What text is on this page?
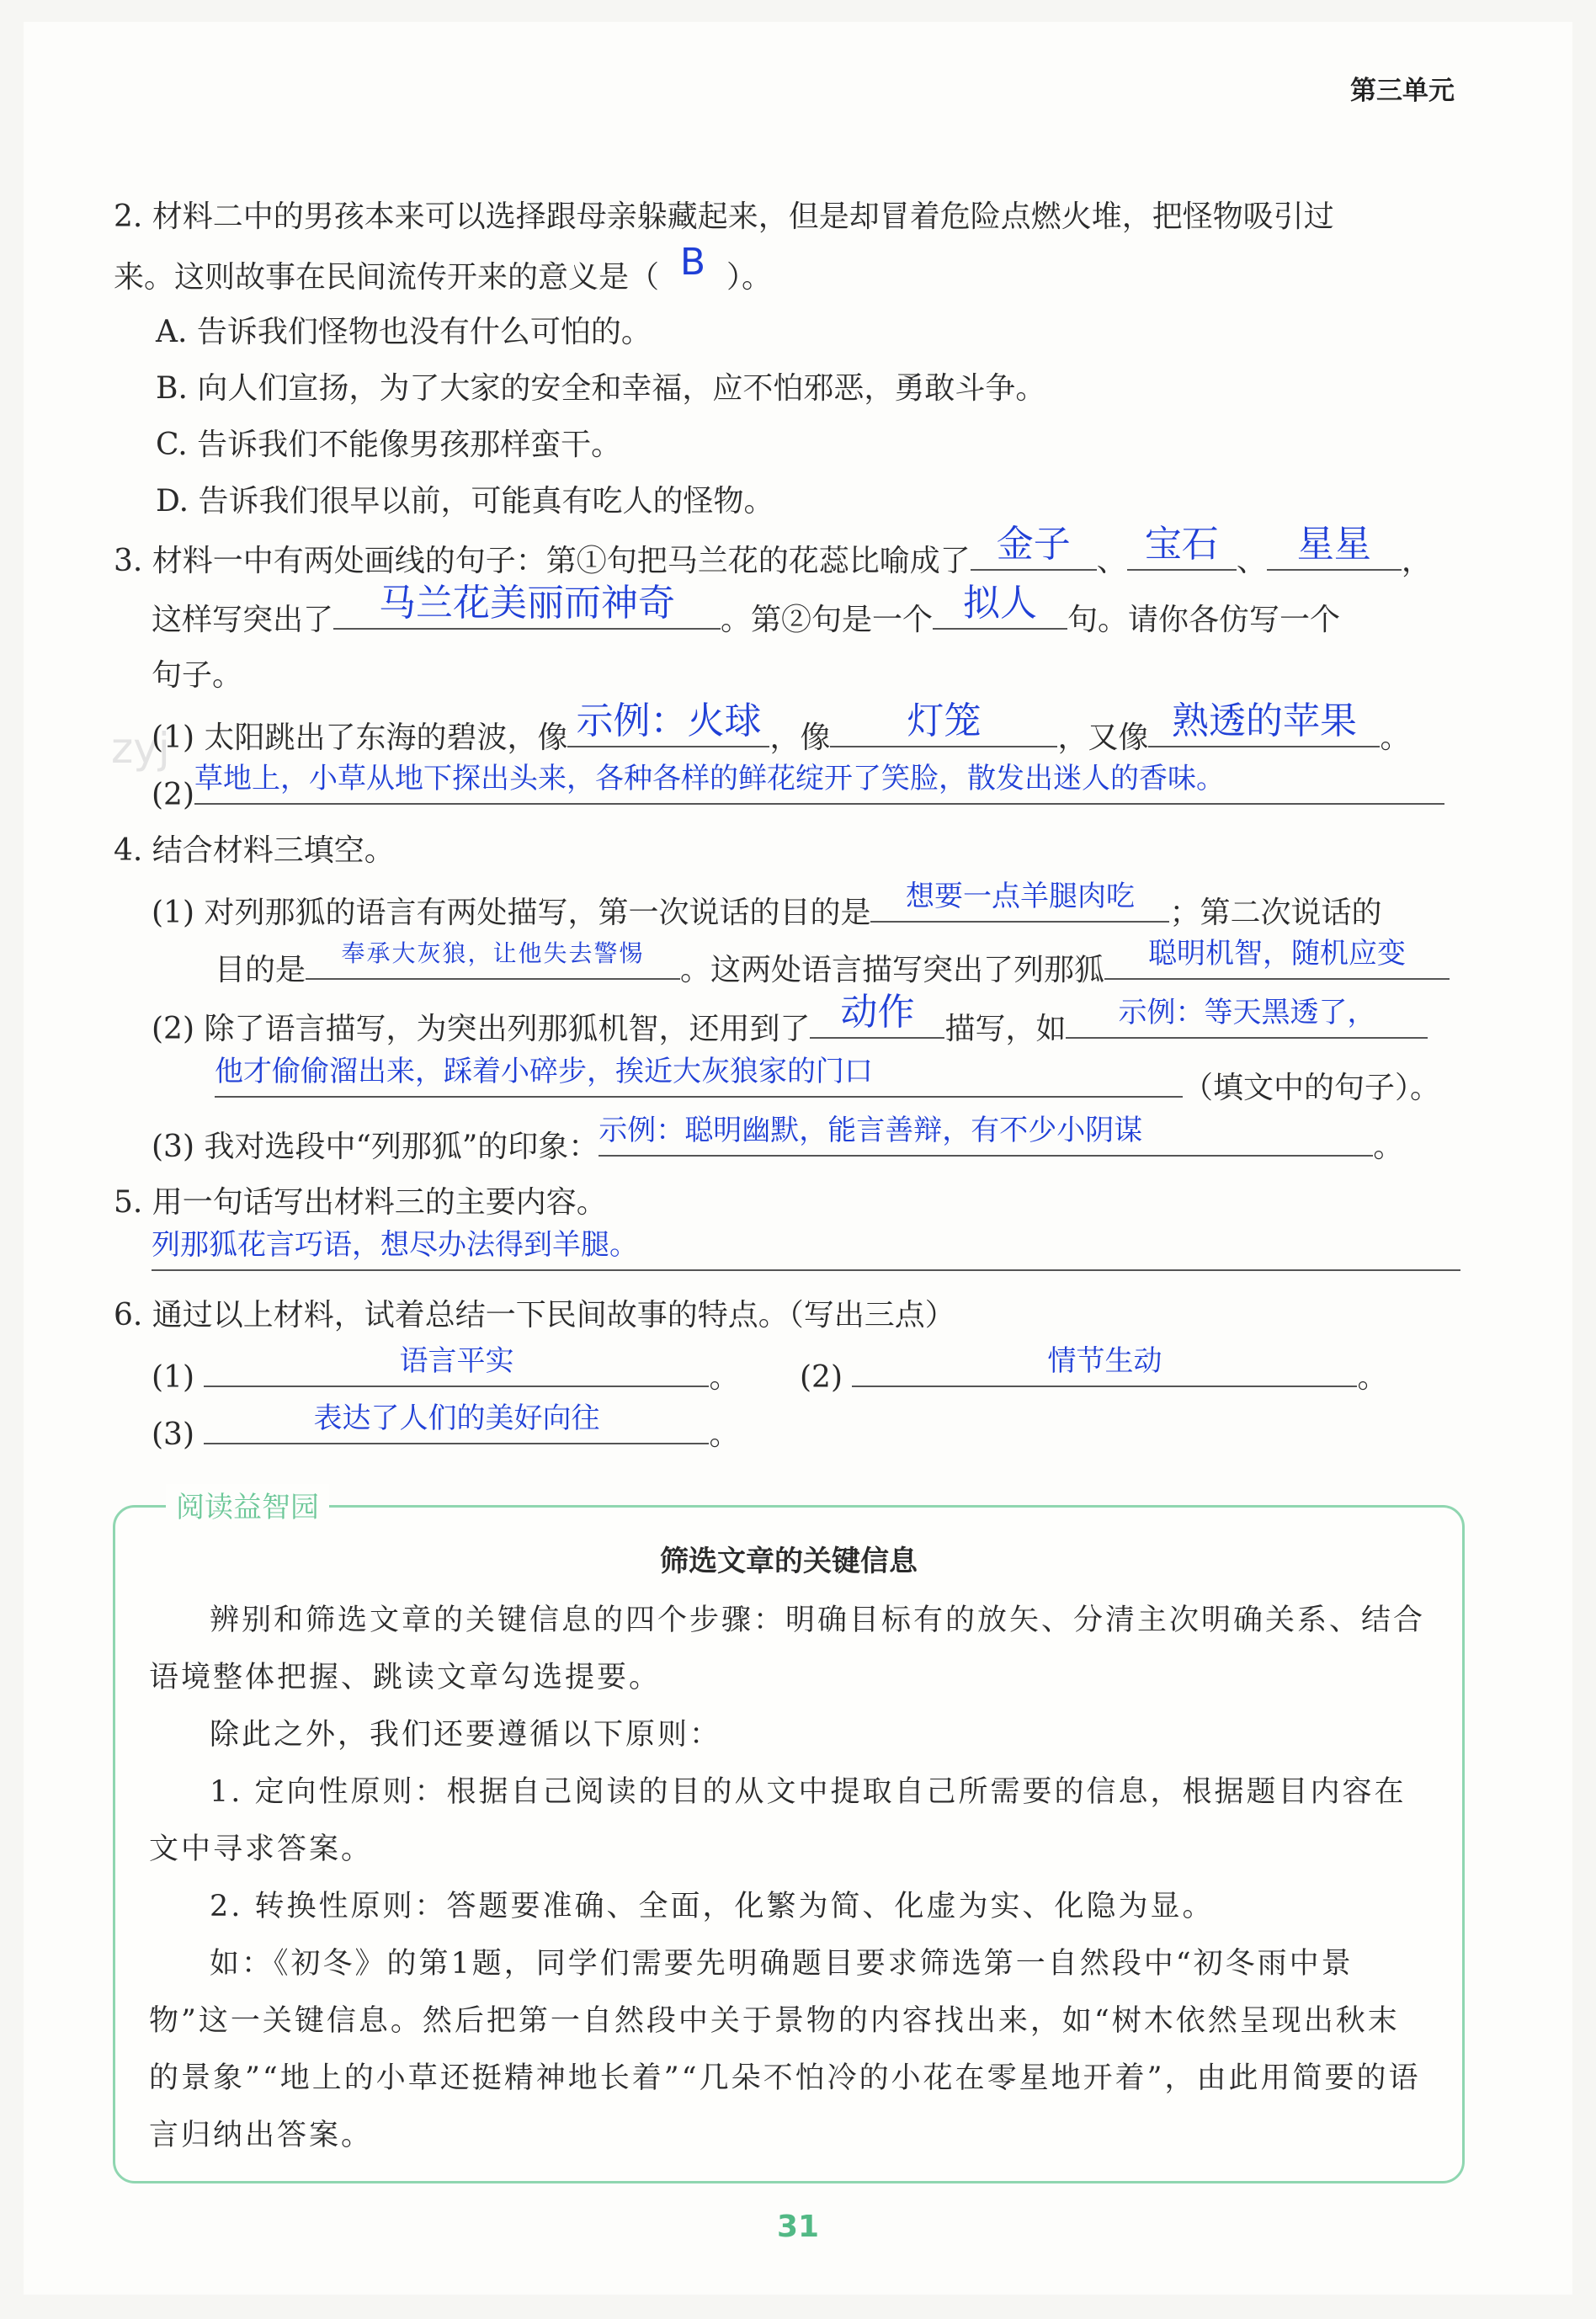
zyj
第三单元
2. 材料二中的男孩本来可以选择跟母亲躲藏起来，但是却冒着危险点燃火堆，把怪物吸引过
来。这则故事在民间流传开来的意义是（ B ）。
A. 告诉我们怪物也没有什么可怕的。
B. 向人们宣扬，为了大家的安全和幸福，应不怕邪恶，勇敢斗争。
C. 告诉我们不能像男孩那样蛮干。
D. 告诉我们很早以前，可能真有吃人的怪物。
3. 材料一中有两处画线的句子：第①句把马兰花的花蕊比喻成了 金子 、 宝石 、 星星	，
这样写突出了	马兰花美丽而神奇	。第②句是一个 拟人	句。请你各仿写一个
句子。
(1) 太阳跳出了东海的碧波，像 示例：火球 ，像	灯笼	，又像 熟透的苹果 。
(2) 草地上，小草从地下探出头来，各种各样的鲜花绽开了笑脸，散发出迷人的香味。
4. 结合材料三填空。
(1) 对列那狐的语言有两处描写，第一次说话的目的是	想要一点羊腿肉吃	；第二次说话的
目的是	奉承大灰狼，让他失去警惕	。这两处语言描写突出了列那狐	聪明机智，随机应变
(2) 除了语言描写，为突出列那狐机智，还用到了 动作	描写，如	示例：等天黑透了，
他才偷偷溜出来，踩着小碎步，挨近大灰狼家的门口	（填文中的句子）。
(3) 我对选段中“列那狐”的印象： 示例：聪明幽默，能言善辩，有不少小阴谋	。
5. 用一句话写出材料三的主要内容。
列那狐花言巧语，想尽办法得到羊腿。
6. 通过以上材料，试着总结一下民间故事的特点。（写出三点）
(1)	语言平实	。 (2)	情节生动	。
(3)	表达了人们的美好向往	。
阅读益智园
筛选文章的关键信息
辨别和筛选文章的关键信息的四个步骤：明确目标有的放矢、分清主次明确关系、结合语境整体把握、跳读文章勾选提要。
除此之外，我们还要遵循以下原则：
1. 定向性原则：根据自己阅读的目的从文中提取自己所需要的信息，根据题目内容在文中寻求答案。
2. 转换性原则：答题要准确、全面，化繁为简、化虚为实、化隐为显。
如：《初冬》的第1题，同学们需要先明确题目要求筛选第一自然段中“初冬雨中景物”这一关键信息。然后把第一自然段中关于景物的内容找出来，如“树木依然呈现出秋末的景象”“地上的小草还挺精神地长着”“几朵不怕冷的小花在零星地开着”，由此用简要的语言归纳出答案。
31
